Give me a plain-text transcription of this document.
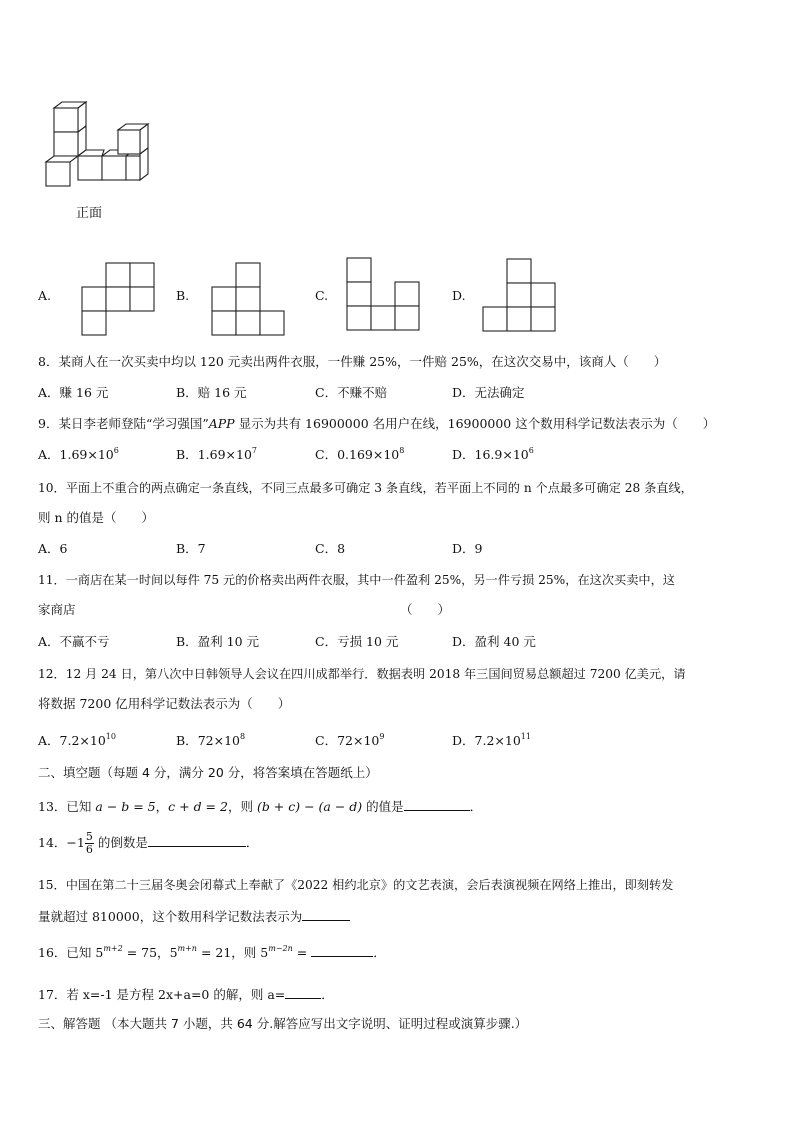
正面
A.	B.	C.	D.
8．某商人在一次买卖中均以 120 元卖出两件衣服，一件赚 25%，一件赔 25%，在这次交易中，该商人（　　）
A．赚 16 元	B．赔 16 元	C．不赚不赔	D．无法确定
9．某日李老师登陆“学习强国”APP 显示为共有 16900000 名用户在线，16900000 这个数用科学记数法表示为（　　）
A．$1.69\times 10^6$	B．$1.69\times 10^7$	C．$0.169\times 10^8$	D．$16.9\times 10^6$
10．平面上不重合的两点确定一条直线，不同三点最多可确定 3 条直线，若平面上不同的 n 个点最多可确定 28 条直线，
则 n 的值是（　　）
A．6	B．7	C．8	D．9
11．一商店在某一时间以每件 75 元的价格卖出两件衣服，其中一件盈利 25%，另一件亏损 25%，在这次买卖中，这
家商店	（　　）
A．不赢不亏	B．盈利 10 元	C．亏损 10 元	D．盈利 40 元
12．12 月 24 日，第八次中日韩领导人会议在四川成都举行．数据表明 2018 年三国间贸易总额超过 7200 亿美元，请
将数据 7200 亿用科学记数法表示为（　　）
A．$7.2\times 10^{10}$	B．$72\times 10^8$	C．$72\times 10^9$	D．$7.2\times 10^{11}$
二、填空题（每题 4 分，满分 20 分，将答案填在答题纸上）
13．已知 a − b = 5，c + d = 2，则 (b + c) − (a − d) 的值是	．
14．$-1 \frac{5}{6}$ 的倒数是	．
15．中国在第二十三届冬奥会闭幕式上奉献了《2022 相约北京》的文艺表演，会后表演视频在网络上推出，即刻转发
量就超过 810000，这个数用科学记数法表示为
16．已知 $5^{m+2} = 75$，$5^{m+n} = 21$，则 $5^{m-2n}$ =	．
17．若 x=-1 是方程 2x+a=0 的解，则 a=	．
三、解答题 （本大题共 7 小题，共 64 分.解答应写出文字说明、证明过程或演算步骤.）
